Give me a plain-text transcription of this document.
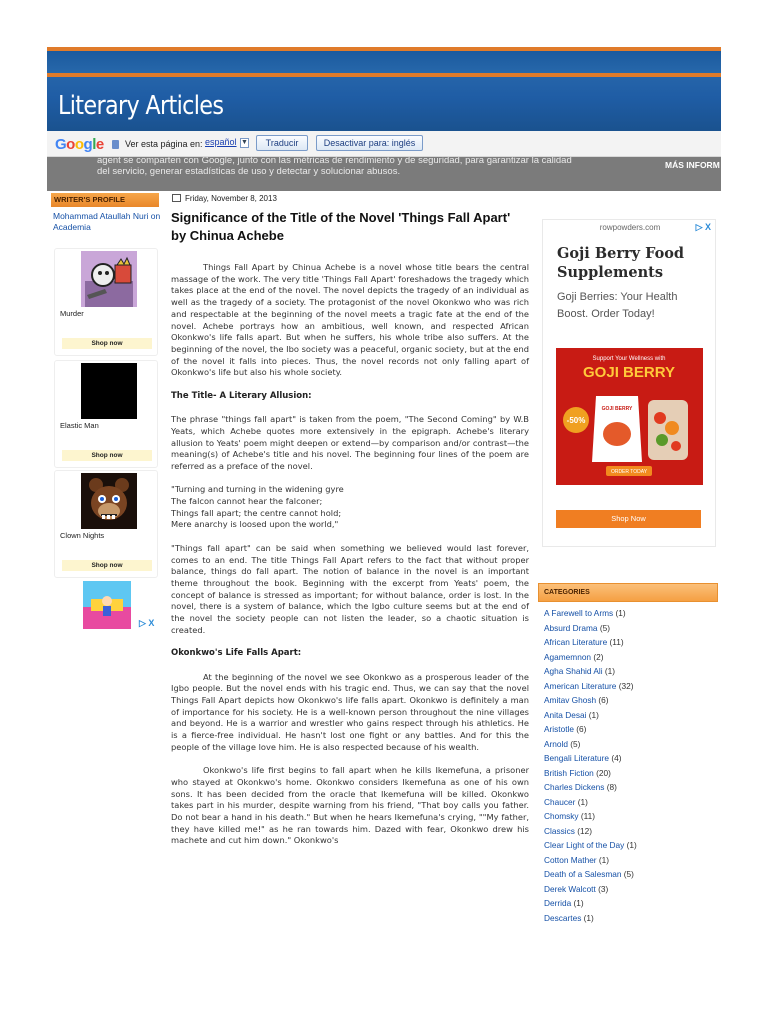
Literary Articles
Google Ver esta página en: español ▼	Traducir	Desactivar para: inglés
agent se comparten con Google, junto con las métricas de rendimiento y de seguridad, para garantizar la calidad
del servicio, generar estadísticas de uso y detectar y solucionar abusos.
MÁS INFORM
WRITER'S PROFILE
Mohammad Ataullah Nuri on Academia
Murder
Shop now
Elastic Man
Shop now
Clown Nights
Shop now
▷ X
Friday, November 8, 2013
Significance of the Title of the Novel 'Things Fall Apart' by Chinua Achebe

Things Fall Apart by Chinua Achebe is a novel whose title bears the central massage of the work. The very title 'Things Fall Apart' foreshadows the tragedy which takes place at the end of the novel. The novel depicts the tragedy of an individual as well as the tragedy of a society. The protagonist of the novel Okonkwo who was rich and respectable at the beginning of the novel meets a tragic fate at the end of the novel. Achebe portrays how an ambitious, well known, and respected African Okonkwo's life falls apart. But when he suffers, his whole tribe also suffers. At the beginning of the novel, the Ibo society was a peaceful, organic society, but at the end of the novel it falls into pieces. Thus, the novel records not only falling apart of Okonkwo's life but also his whole society.

The Title- A Literary Allusion:

The phrase "things fall apart" is taken from the poem, "The Second Coming" by W.B Yeats, which Achebe quotes more extensively in the epigraph. Achebe's literary allusion to Yeats' poem might deepen or extend—by comparison and/or contrast—the meaning(s) of Achebe's title and his novel. The beginning four lines of the poem are referred as a preface of the novel.

"Turning and turning in the widening gyre
The falcon cannot hear the falconer;
Things fall apart; the centre cannot hold;
Mere anarchy is loosed upon the world,"

"Things fall apart" can be said when something we believed would last forever, comes to an end. The title Things Fall Apart refers to the fact that without proper balance, things do fall apart. The notion of balance in the novel is an important theme throughout the book. Beginning with the excerpt from Yeats' poem, the concept of balance is stressed as important; for without balance, order is lost. In the novel, there is a system of balance, which the Igbo culture seems but at the end of the novel the society people can not listen the leader, so a chaotic situation is created.

Okonkwo's Life Falls Apart:

At the beginning of the novel we see Okonkwo as a prosperous leader of the Igbo people. But the novel ends with his tragic end. Thus, we can say that the novel Things Fall Apart depicts how Okonkwo's life falls apart. Okonkwo is definitely a man of importance for his society. He is a well-known person throughout the nine villages and beyond. He is a warrior and wrestler who gains respect through his athletics. He is a fierce-free individual. He hasn't lost one fight or any battles. And for this the people of the village love him. He is also respected because of his wealth.

Okonkwo's life first begins to fall apart when he kills Ikemefuna, a prisoner who stayed at Okonkwo's home. Okonkwo considers Ikemefuna as one of his own sons. It has been decided from the oracle that Ikemefuna will be killed. Okonkwo takes part in his murder, despite warning from his friend, "That boy calls you father. Do not bear a hand in his death." But when he hears Ikemefuna's crying, ""My father, they have killed me!" as he ran towards him. Dazed with fear, Okonkwo drew his machete and cut him down." Okonkwo's

rowpowders.com	▷ X
Goji Berry Food Supplements
Goji Berries: Your Health Boost. Order Today!
Support Your Wellness with
GOJI BERRY
-50%
GOJI BERRY
ORDER TODAY
Shop Now
CATEGORIES
A Farewell to Arms (1)
Absurd Drama (5)
African Literature (11)
Agamemnon (2)
Agha Shahid Ali (1)
American Literature (32)
Amitav Ghosh (6)
Anita Desai (1)
Aristotle (6)
Arnold (5)
Bengali Literature (4)
British Fiction (20)
Charles Dickens (8)
Chaucer (1)
Chomsky (11)
Classics (12)
Clear Light of the Day (1)
Cotton Mather (1)
Death of a Salesman (5)
Derek Walcott (3)
Derrida (1)
Descartes (1)
